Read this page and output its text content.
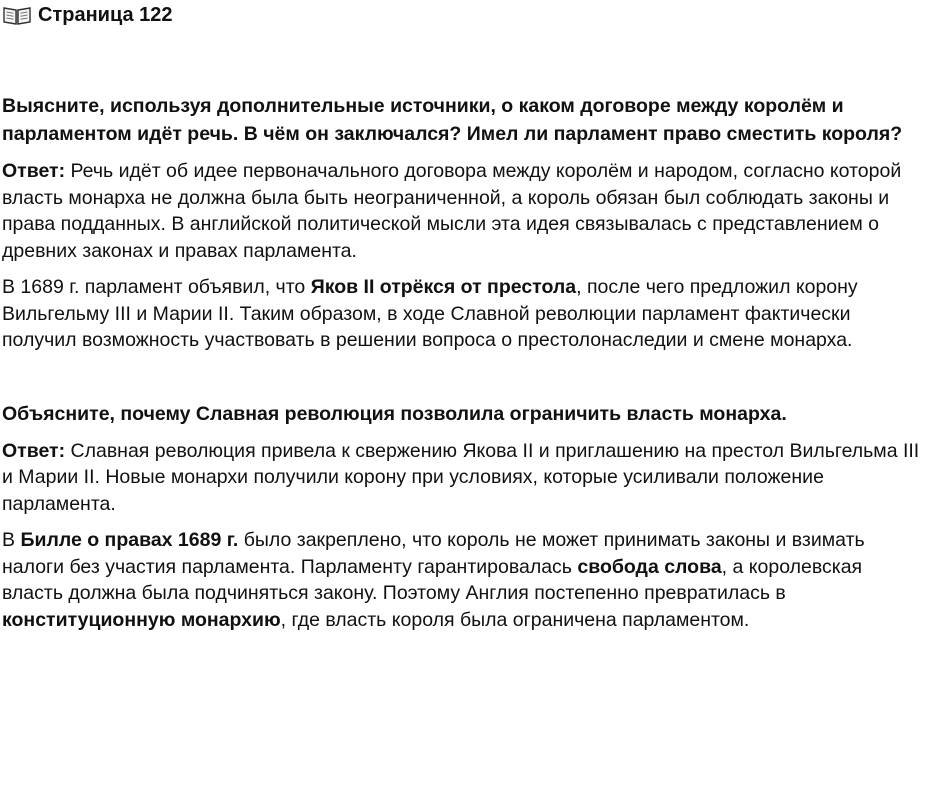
Страница 122

Выясните, используя дополнительные источники, о каком договоре между королём и парламентом идёт речь. В чём он заключался? Имел ли парламент право сместить короля?

Ответ: Речь идёт об идее первоначального договора между королём и народом, согласно которой власть монарха не должна была быть неограниченной, а король обязан был соблюдать законы и права подданных. В английской политической мысли эта идея связывалась с представлением о древних законах и правах парламента.

В 1689 г. парламент объявил, что Яков II отрёкся от престола, после чего предложил корону Вильгельму III и Марии II. Таким образом, в ходе Славной революции парламент фактически получил возможность участвовать в решении вопроса о престолонаследии и смене монарха.

Объясните, почему Славная революция позволила ограничить власть монарха.

Ответ: Славная революция привела к свержению Якова II и приглашению на престол Вильгельма III и Марии II. Новые монархи получили корону при условиях, которые усиливали положение парламента.

В Билле о правах 1689 г. было закреплено, что король не может принимать законы и взимать налоги без участия парламента. Парламенту гарантировалась свобода слова, а королевская власть должна была подчиняться закону. Поэтому Англия постепенно превратилась в конституционную монархию, где власть короля была ограничена парламентом.
